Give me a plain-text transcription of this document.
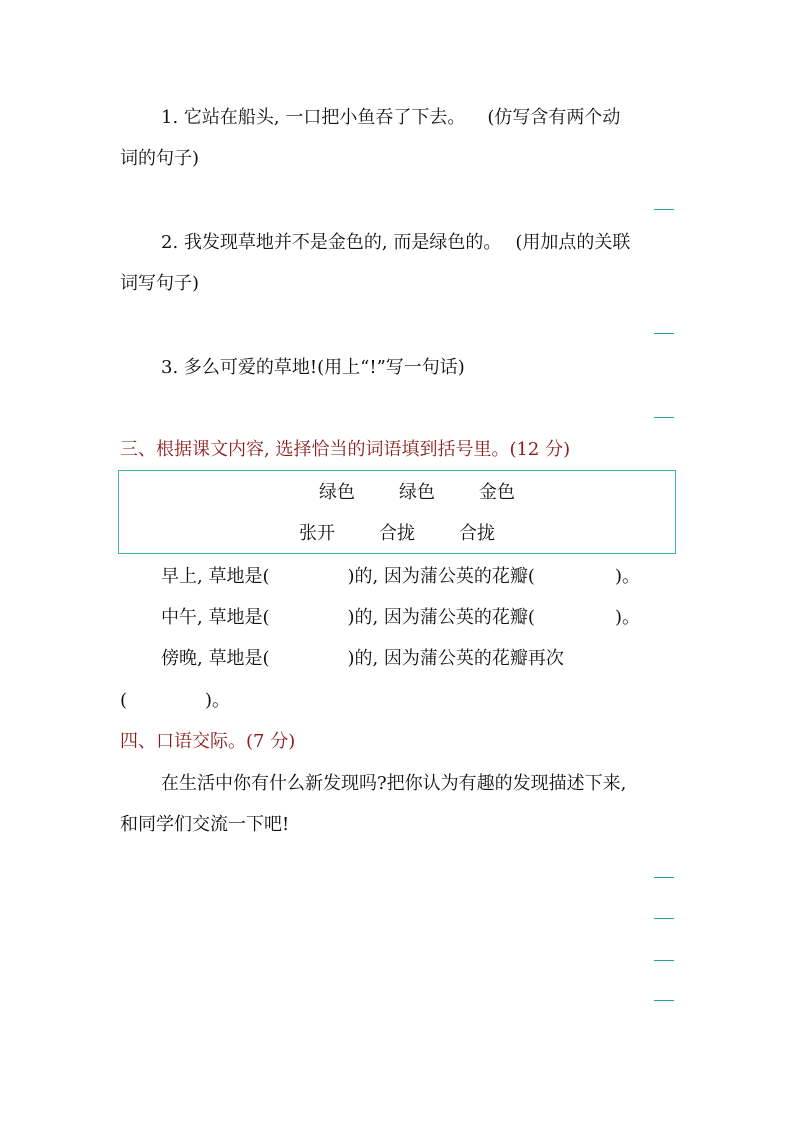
1. 它站在船头, 一口把小鱼吞了下去。 (仿写含有两个动
词的句子)
2. 我发现草地并不是金色的, 而是绿色的。 (用加点的关联
词写句子)
3. 多么可爱的草地!(用上“!”写一句话)
三、根据课文内容, 选择恰当的词语填到括号里。(12 分)
绿色 绿色 金色
张开 合拢 合拢
早上, 草地是(	)的, 因为蒲公英的花瓣(	)。
中午, 草地是(	)的, 因为蒲公英的花瓣(	)。
傍晚, 草地是(	)的, 因为蒲公英的花瓣再次
(	)。
四、口语交际。(7 分)
在生活中你有什么新发现吗?把你认为有趣的发现描述下来,
和同学们交流一下吧!
